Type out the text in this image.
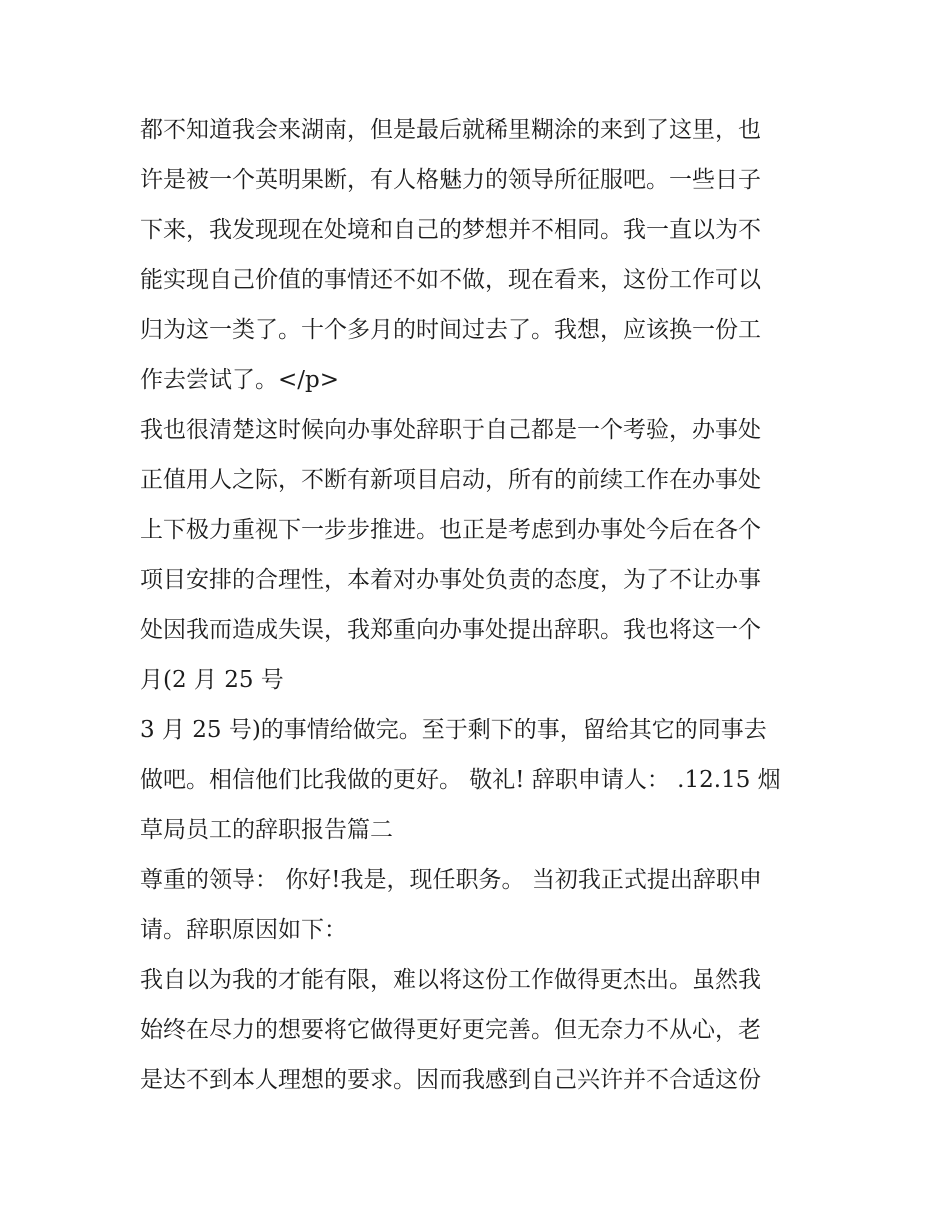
都不知道我会来湖南，但是最后就稀里糊涂的来到了这里，也
许是被一个英明果断，有人格魅力的领导所征服吧。一些日子
下来，我发现现在处境和自己的梦想并不相同。我一直以为不
能实现自己价值的事情还不如不做，现在看来，这份工作可以
归为这一类了。十个多月的时间过去了。我想，应该换一份工
作去尝试了。</p>
我也很清楚这时候向办事处辞职于自己都是一个考验，办事处
正值用人之际，不断有新项目启动，所有的前续工作在办事处
上下极力重视下一步步推进。也正是考虑到办事处今后在各个
项目安排的合理性，本着对办事处负责的态度，为了不让办事
处因我而造成失误，我郑重向办事处提出辞职。我也将这一个
月(2 月 25 号
3 月 25 号)的事情给做完。至于剩下的事，留给其它的同事去
做吧。相信他们比我做的更好。 敬礼! 辞职申请人： .12.15 烟
草局员工的辞职报告篇二
尊重的领导： 你好!我是，现任职务。 当初我正式提出辞职申
请。辞职原因如下：
我自以为我的才能有限，难以将这份工作做得更杰出。虽然我
始终在尽力的想要将它做得更好更完善。但无奈力不从心，老
是达不到本人理想的要求。因而我感到自己兴许并不合适这份
